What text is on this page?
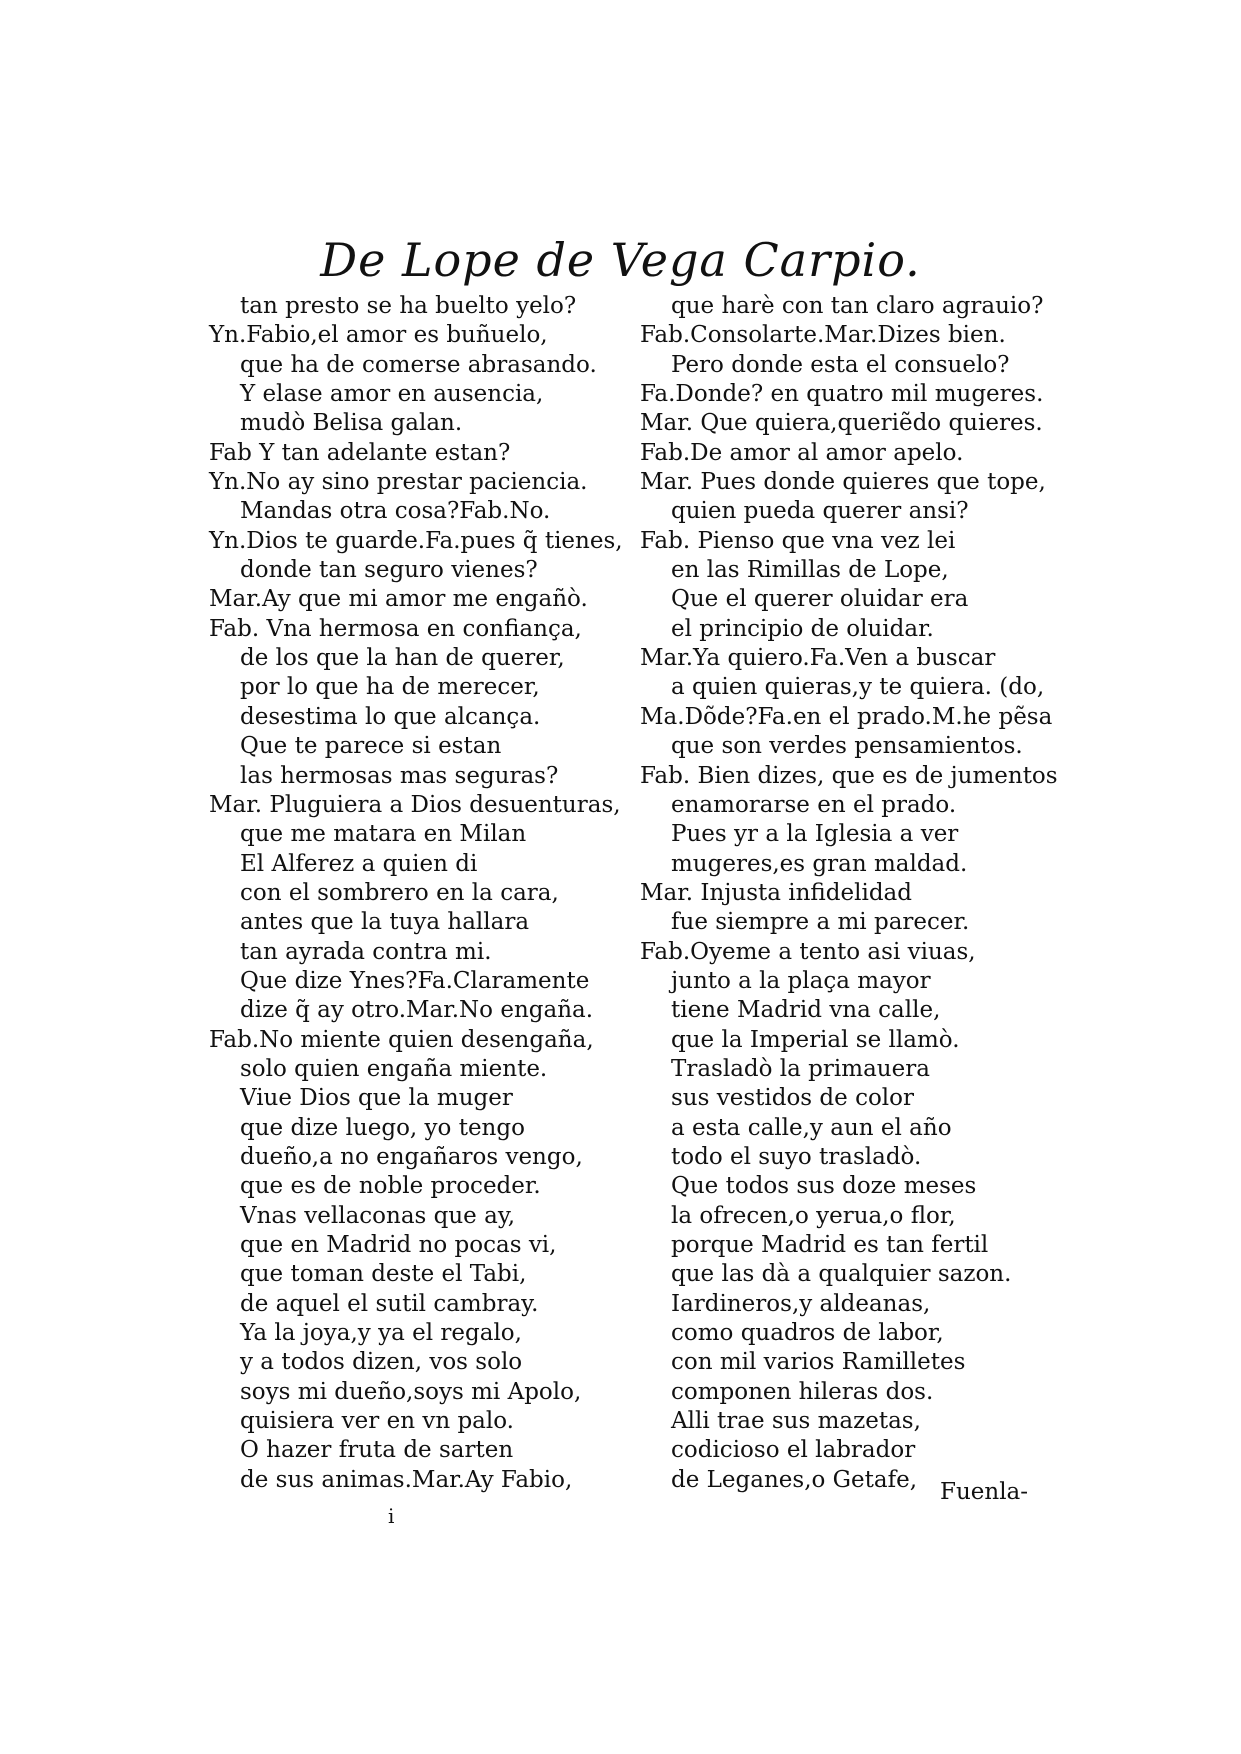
De Lope de Vega Carpio.
tan presto se ha buelto yelo?
Yn.Fabio,el amor es buñuelo,
que ha de comerse abrasando.
Y elase amor en ausencia,
mudò Belisa galan.
Fab Y tan adelante estan?
Yn.No ay sino prestar paciencia.
Mandas otra cosa?Fab.No.
Yn.Dios te guarde.Fa.pues q̃ tienes,
donde tan seguro vienes?
Mar.Ay que mi amor me engañò.
Fab. Vna hermosa en confiança,
de los que la han de querer,
por lo que ha de merecer,
desestima lo que alcança.
Que te parece si estan
las hermosas mas seguras?
Mar. Pluguiera a Dios desuenturas,
que me matara en Milan
El Alferez a quien di
con el sombrero en la cara,
antes que la tuya hallara
tan ayrada contra mi.
Que dize Ynes?Fa.Claramente
dize q̃ ay otro.Mar.No engaña.
Fab.No miente quien desengaña,
solo quien engaña miente.
Viue Dios que la muger
que dize luego, yo tengo
dueño,a no engañaros vengo,
que es de noble proceder.
Vnas vellaconas que ay,
que en Madrid no pocas vi,
que toman deste el Tabi,
de aquel el sutil cambray.
Ya la joya,y ya el regalo,
y a todos dizen, vos solo
soys mi dueño,soys mi Apolo,
quisiera ver en vn palo.
O hazer fruta de sarten
de sus animas.Mar.Ay Fabio,
que harè con tan claro agrauio?
Fab.Consolarte.Mar.Dizes bien.
Pero donde esta el consuelo?
Fa.Donde? en quatro mil mugeres.
Mar. Que quiera,queriẽdo quieres.
Fab.De amor al amor apelo.
Mar. Pues donde quieres que tope,
quien pueda querer ansi?
Fab. Pienso que vna vez lei
en las Rimillas de Lope,
Que el querer oluidar era
el principio de oluidar.
Mar.Ya quiero.Fa.Ven a buscar
a quien quieras,y te quiera. (do,
Ma.Dõde?Fa.en el prado.M.he pẽsa
que son verdes pensamientos.
Fab. Bien dizes, que es de jumentos
enamorarse en el prado.
Pues yr a la Iglesia a ver
mugeres,es gran maldad.
Mar. Injusta infidelidad
fue siempre a mi parecer.
Fab.Oyeme a tento asi viuas,
junto a la plaça mayor
tiene Madrid vna calle,
que la Imperial se llamò.
Trasladò la primauera
sus vestidos de color
a esta calle,y aun el año
todo el suyo trasladò.
Que todos sus doze meses
la ofrecen,o yerua,o flor,
porque Madrid es tan fertil
que las dà a qualquier sazon.
Iardineros,y aldeanas,
como quadros de labor,
con mil varios Ramilletes
componen hileras dos.
Alli trae sus mazetas,
codicioso el labrador
de Leganes,o Getafe, Fuenla-
i
